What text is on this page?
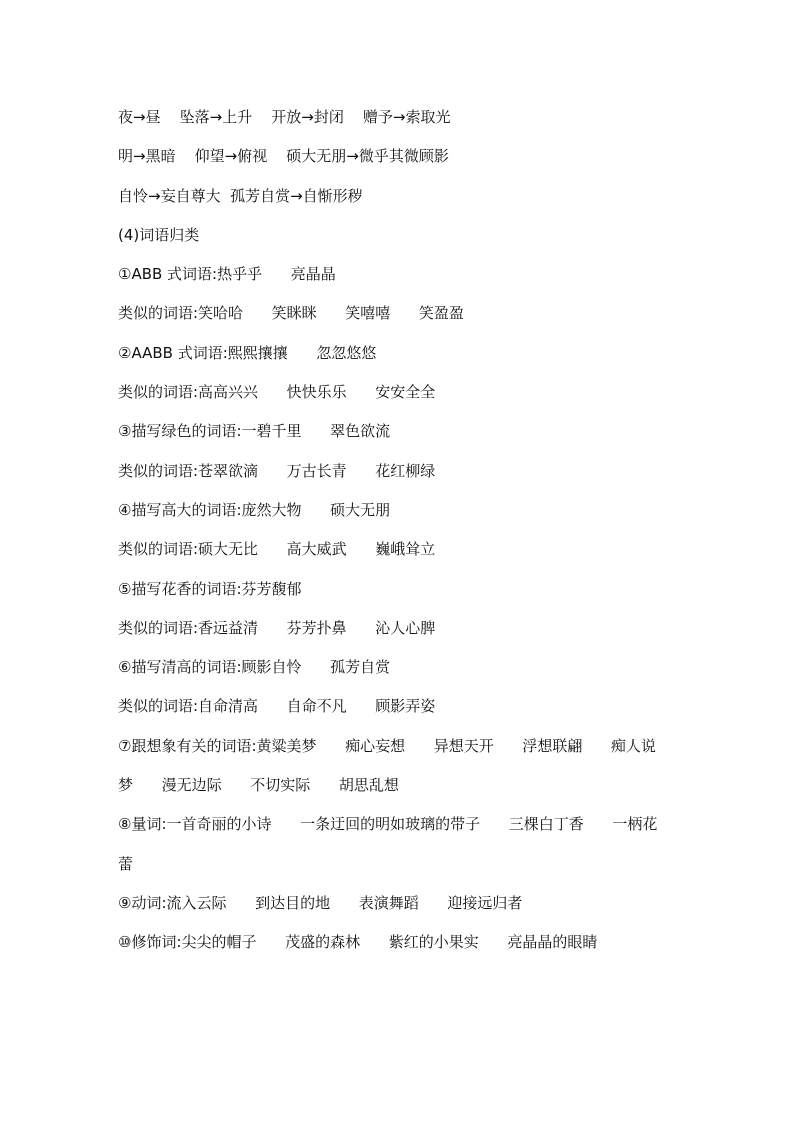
夜→昼    坠落→上升    开放→封闭    赠予→索取光
明→黑暗    仰望→俯视    硕大无朋→微乎其微顾影
自怜→妄自尊大  孤芳自赏→自惭形秽
(4)词语归类
①ABB 式词语:热乎乎      亮晶晶
类似的词语:笑哈哈      笑眯眯      笑嘻嘻      笑盈盈
②AABB 式词语:熙熙攘攘      忽忽悠悠
类似的词语:高高兴兴      快快乐乐      安安全全
③描写绿色的词语:一碧千里      翠色欲流
类似的词语:苍翠欲滴      万古长青      花红柳绿
④描写高大的词语:庞然大物      硕大无朋
类似的词语:硕大无比      高大威武      巍峨耸立
⑤描写花香的词语:芬芳馥郁
类似的词语:香远益清      芬芳扑鼻      沁人心脾
⑥描写清高的词语:顾影自怜      孤芳自赏
类似的词语:自命清高      自命不凡      顾影弄姿
⑦跟想象有关的词语:黄粱美梦      痴心妄想      异想天开      浮想联翩      痴人说
梦      漫无边际      不切实际      胡思乱想
⑧量词:一首奇丽的小诗      一条迂回的明如玻璃的带子      三棵白丁香      一柄花
蕾
⑨动词:流入云际      到达目的地      表演舞蹈      迎接远归者
⑩修饰词:尖尖的帽子      茂盛的森林      紫红的小果实      亮晶晶的眼睛
